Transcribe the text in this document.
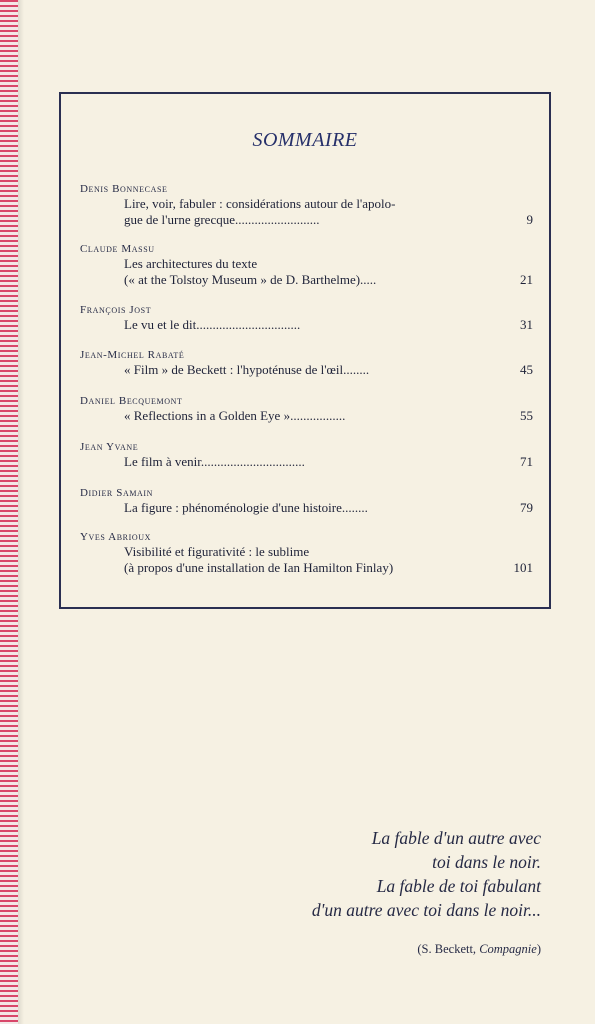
SOMMAIRE
Denis Bonnecase
Lire, voir, fabuler : considérations autour de l'apolo-
gue de l'urne grecque..........................	9
Claude Massu
Les architectures du texte
(« at the Tolstoy Museum » de D. Barthelme).....	21
François Jost
Le vu et le dit................................	31
Jean-Michel Rabaté
« Film » de Beckett : l'hypoténuse de l'œil........	45
Daniel Becquemont
« Reflections in a Golden Eye ».................	55
Jean Yvane
Le film à venir................................	71
Didier Samain
La figure : phénoménologie d'une histoire........	79
Yves Abrioux
Visibilité et figurativité : le sublime
(à propos d'une installation de Ian Hamilton Finlay)	101
La fable d'un autre avec
toi dans le noir.
La fable de toi fabulant
d'un autre avec toi dans le noir...
(S. Beckett, Compagnie)
